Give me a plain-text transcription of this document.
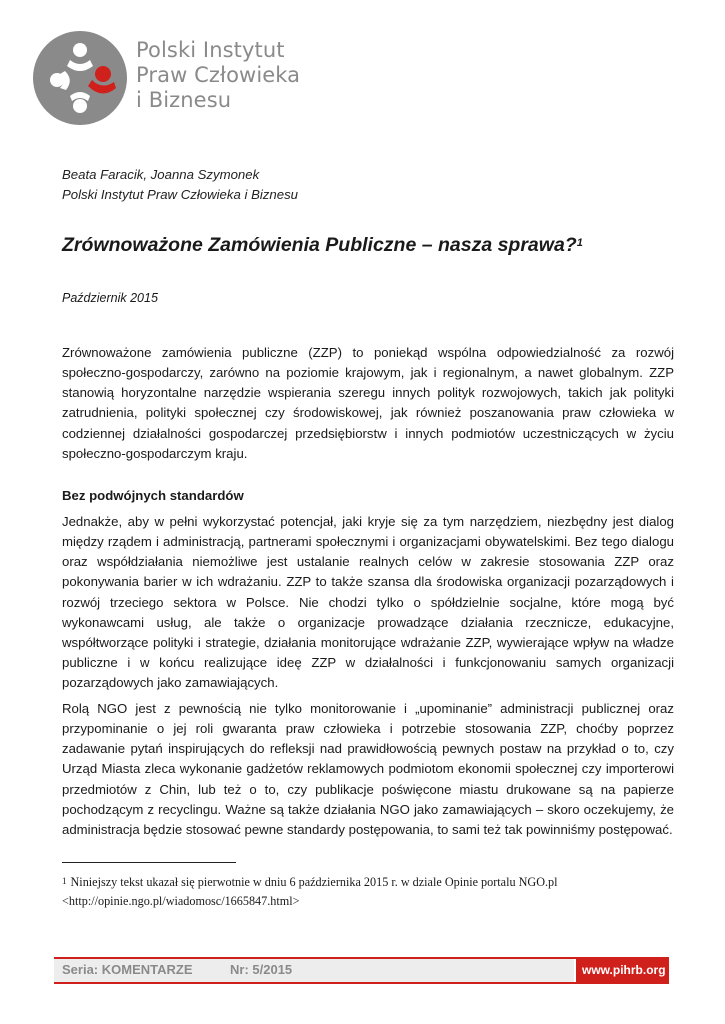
Polski Instytut
Praw Człowieka
i Biznesu
Beata Faracik, Joanna Szymonek
Polski Instytut Praw Człowieka i Biznesu
Zrównoważone Zamówienia Publiczne – nasza sprawa?$^1$
Październik 2015
Zrównoważone zamówienia publiczne (ZZP) to poniekąd wspólna odpowiedzialność za rozwój społeczno-gospodarczy, zarówno na poziomie krajowym, jak i regionalnym, a nawet globalnym. ZZP stanowią horyzontalne narzędzie wspierania szeregu innych polityk rozwojowych, takich jak polityki zatrudnienia, polityki społecznej czy środowiskowej, jak również poszanowania praw człowieka w codziennej działalności gospodarczej przedsiębiorstw i innych podmiotów uczestniczących w życiu społeczno-gospodarczym kraju.
Bez podwójnych standardów
Jednakże, aby w pełni wykorzystać potencjał, jaki kryje się za tym narzędziem, niezbędny jest dialog między rządem i administracją, partnerami społecznymi i organizacjami obywatelskimi. Bez tego dialogu oraz współdziałania niemożliwe jest ustalanie realnych celów w zakresie stosowania ZZP oraz pokonywania barier w ich wdrażaniu. ZZP to także szansa dla środowiska organizacji pozarządowych i rozwój trzeciego sektora w Polsce. Nie chodzi tylko o spółdzielnie socjalne, które mogą być wykonawcami usług, ale także o organizacje prowadzące działania rzecznicze, edukacyjne, współtworzące polityki i strategie, działania monitorujące wdrażanie ZZP, wywierające wpływ na władze publiczne i w końcu realizujące ideę ZZP w działalności i funkcjonowaniu samych organizacji pozarządowych jako zamawiających.
Rolą NGO jest z pewnością nie tylko monitorowanie i „upominanie” administracji publicznej oraz przypominanie o jej roli gwaranta praw człowieka i potrzebie stosowania ZZP, choćby poprzez zadawanie pytań inspirujących do refleksji nad prawidłowością pewnych postaw na przykład o to, czy Urząd Miasta zleca wykonanie gadżetów reklamowych podmiotom ekonomii społecznej czy importerowi przedmiotów z Chin, lub też o to, czy publikacje poświęcone miastu drukowane są na papierze pochodzącym z recyclingu. Ważne są także działania NGO jako zamawiających – skoro oczekujemy, że administracja będzie stosować pewne standardy postępowania, to sami też tak powinniśmy postępować.
$^1$ Niniejszy tekst ukazał się pierwotnie w dniu 6 października 2015 r. w dziale Opinie portalu NGO.pl
<http://opinie.ngo.pl/wiadomosc/1665847.html>
Seria: KOMENTARZE	Nr: 5/2015	www.pihrb.org
